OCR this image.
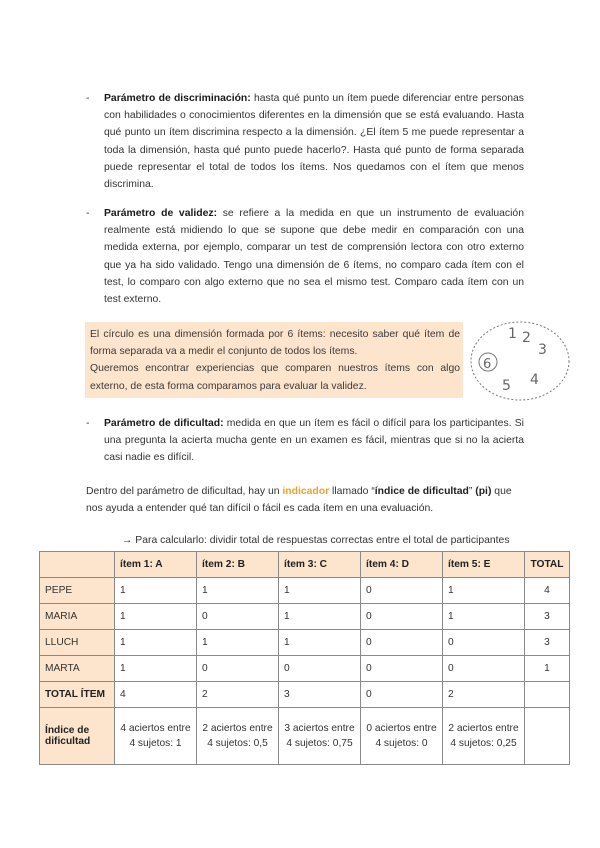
- Parámetro de discriminación: hasta qué punto un ítem puede diferenciar entre personas con habilidades o conocimientos diferentes en la dimensión que se está evaluando. Hasta qué punto un ítem discrimina respecto a la dimensión. ¿El ítem 5 me puede representar a toda la dimensión, hasta qué punto puede hacerlo?. Hasta qué punto de forma separada puede representar el total de todos los ítems. Nos quedamos con el ítem que menos discrimina.
- Parámetro de validez: se refiere a la medida en que un instrumento de evaluación realmente está midiendo lo que se supone que debe medir en comparación con una medida externa, por ejemplo, comparar un test de comprensión lectora con otro externo que ya ha sido validado. Tengo una dimensión de 6 ítems, no comparo cada ítem con el test, lo comparo con algo externo que no sea el mismo test. Comparo cada ítem con un test externo.
El círculo es una dimensión formada por 6 ítems: necesito saber qué ítem de forma separada va a medir el conjunto de todos los ítems.
Queremos encontrar experiencias que comparen nuestros ítems con algo externo, de esta forma comparamos para evaluar la validez.
1 2
3
4
5
6
- Parámetro de dificultad: medida en que un ítem es fácil o difícil para los participantes. Si una pregunta la acierta mucha gente en un examen es fácil, mientras que si no la acierta casi nadie es difícil.
Dentro del parámetro de dificultad, hay un indicador llamado “índice de dificultad” (pi) que nos ayuda a entender qué tan difícil o fácil es cada ítem en una evaluación.
→ Para calcularlo: dividir total de respuestas correctas entre el total de participantes
	ítem 1: A	ítem 2: B	ítem 3: C	ítem 4: D	ítem 5: E	TOTAL
PEPE	1	1	1	0	1	4
MARIA	1	0	1	0	1	3
LLUCH	1	1	1	0	0	3
MARTA	1	0	0	0	0	1
TOTAL ÍTEM	4	2	3	0	2	
Índice de dificultad	4 aciertos entre 4 sujetos: 1	2 aciertos entre 4 sujetos: 0,5	3 aciertos entre 4 sujetos: 0,75	0 aciertos entre 4 sujetos: 0	2 aciertos entre 4 sujetos: 0,25	
